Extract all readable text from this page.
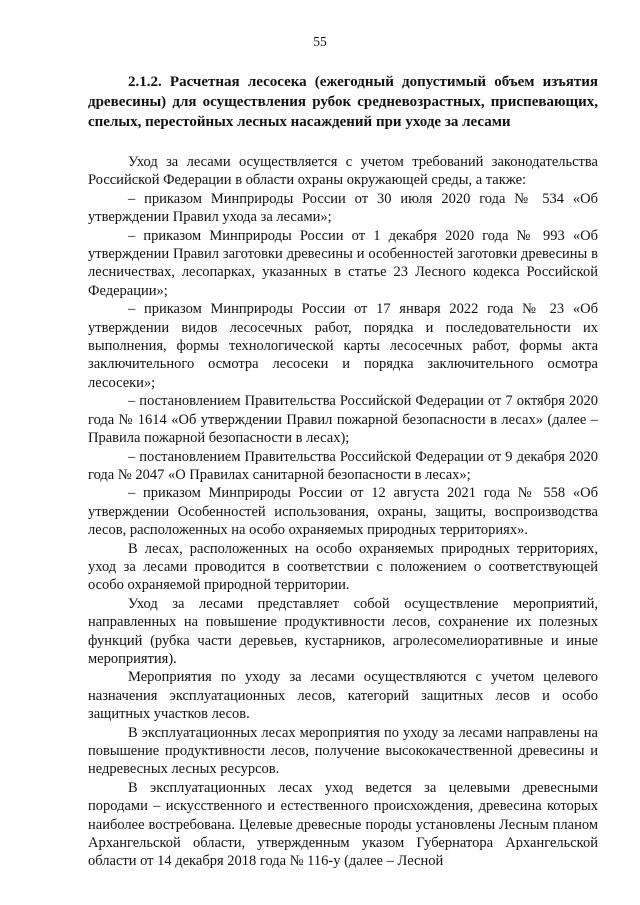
55

2.1.2. Расчетная лесосека (ежегодный допустимый объем изъятия древесины) для осуществления рубок средневозрастных, приспевающих, спелых, перестойных лесных насаждений при уходе за лесами

Уход за лесами осуществляется с учетом требований законодательства Российской Федерации в области охраны окружающей среды, а также:

– приказом Минприроды России от 30 июля 2020 года № 534 «Об утверждении Правил ухода за лесами»;

– приказом Минприроды России от 1 декабря 2020 года № 993 «Об утверждении Правил заготовки древесины и особенностей заготовки древесины в лесничествах, лесопарках, указанных в статье 23 Лесного кодекса Российской Федерации»;

– приказом Минприроды России от 17 января 2022 года № 23 «Об утверждении видов лесосечных работ, порядка и последовательности их выполнения, формы технологической карты лесосечных работ, формы акта заключительного осмотра лесосеки и порядка заключительного осмотра лесосеки»;

– постановлением Правительства Российской Федерации от 7 октября 2020 года № 1614 «Об утверждении Правил пожарной безопасности в лесах» (далее – Правила пожарной безопасности в лесах);

– постановлением Правительства Российской Федерации от 9 декабря 2020 года № 2047 «О Правилах санитарной безопасности в лесах»;

– приказом Минприроды России от 12 августа 2021 года № 558 «Об утверждении Особенностей использования, охраны, защиты, воспроизводства лесов, расположенных на особо охраняемых природных территориях».

В лесах, расположенных на особо охраняемых природных территориях, уход за лесами проводится в соответствии с положением о соответствующей особо охраняемой природной территории.

Уход за лесами представляет собой осуществление мероприятий, направленных на повышение продуктивности лесов, сохранение их полезных функций (рубка части деревьев, кустарников, агролесомелиоративные и иные мероприятия).

Мероприятия по уходу за лесами осуществляются с учетом целевого назначения эксплуатационных лесов, категорий защитных лесов и особо защитных участков лесов.

В эксплуатационных лесах мероприятия по уходу за лесами направлены на повышение продуктивности лесов, получение высококачественной древесины и недревесных лесных ресурсов.

В эксплуатационных лесах уход ведется за целевыми древесными породами – искусственного и естественного происхождения, древесина которых наиболее востребована. Целевые древесные породы установлены Лесным планом Архангельской области, утвержденным указом Губернатора Архангельской области от 14 декабря 2018 года № 116-у (далее – Лесной
